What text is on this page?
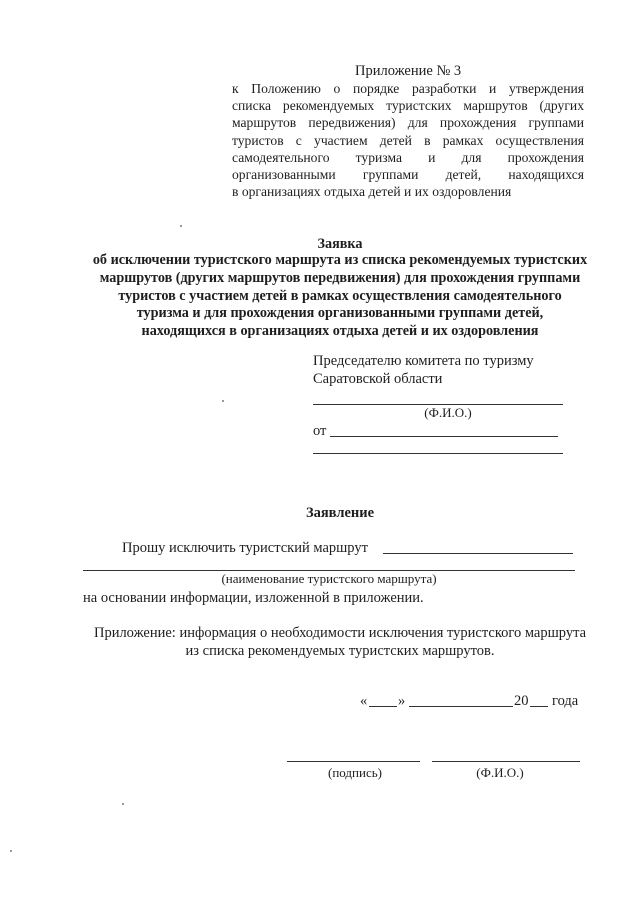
Приложение № 3
к Положению о порядке разработки и утверждения
списка рекомендуемых туристских маршрутов (других
маршрутов передвижения) для прохождения группами
туристов с участием детей в рамках осуществления
самодеятельного туризма и для прохождения
организованными группами детей, находящихся
в организациях отдыха детей и их оздоровления
Заявка
об исключении туристского маршрута из списка рекомендуемых туристских
маршрутов (других маршрутов передвижения) для прохождения группами
туристов с участием детей в рамках осуществления самодеятельного
туризма и для прохождения организованными группами детей,
находящихся в организациях отдыха детей и их оздоровления
Председателю комитета по туризму
Саратовской области
(Ф.И.О.)
от
Заявление
Прошу исключить туристский маршрут
(наименование туристского маршрута)
на основании информации, изложенной в приложении.
Приложение: информация о необходимости исключения туристского маршрута
из списка рекомендуемых туристских маршрутов.
« »	20 года
(подпись)	(Ф.И.О.)
